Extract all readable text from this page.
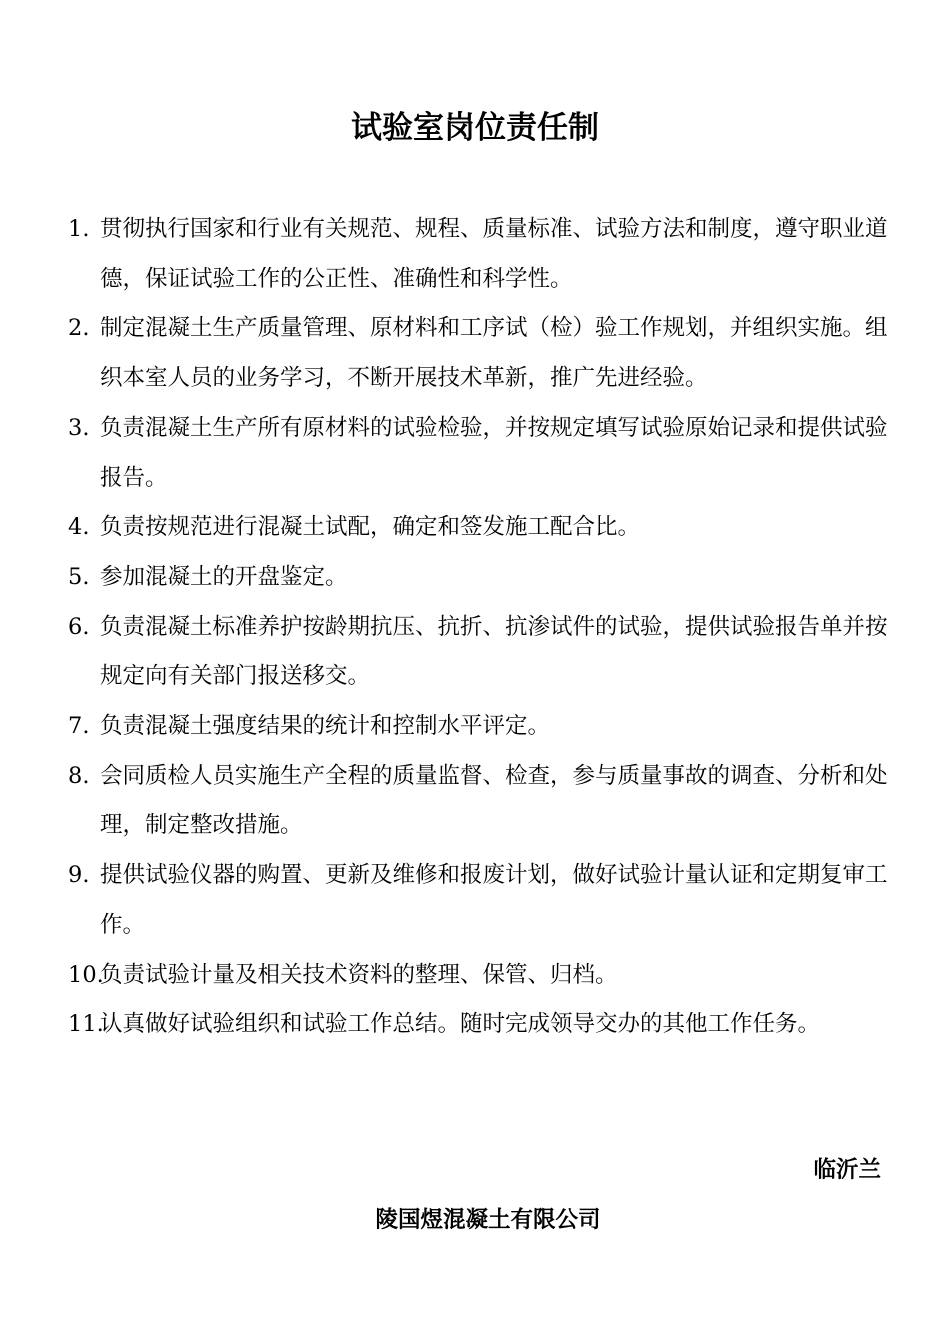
试验室岗位责任制
1. 贯彻执行国家和行业有关规范、规程、质量标准、试验方法和制度，遵守职业道德，保证试验工作的公正性、准确性和科学性。
2. 制定混凝土生产质量管理、原材料和工序试（检）验工作规划，并组织实施。组织本室人员的业务学习，不断开展技术革新，推广先进经验。
3. 负责混凝土生产所有原材料的试验检验，并按规定填写试验原始记录和提供试验报告。
4. 负责按规范进行混凝土试配，确定和签发施工配合比。
5. 参加混凝土的开盘鉴定。
6. 负责混凝土标准养护按龄期抗压、抗折、抗渗试件的试验，提供试验报告单并按规定向有关部门报送移交。
7. 负责混凝土强度结果的统计和控制水平评定。
8. 会同质检人员实施生产全程的质量监督、检查，参与质量事故的调查、分析和处理，制定整改措施。
9. 提供试验仪器的购置、更新及维修和报废计划，做好试验计量认证和定期复审工作。
10.
负责试验计量及相关技术资料的整理、保管、归档。
11.
认真做好试验组织和试验工作总结。随时完成领导交办的其他工作任务。
临沂兰
陵国煜混凝土有限公司
